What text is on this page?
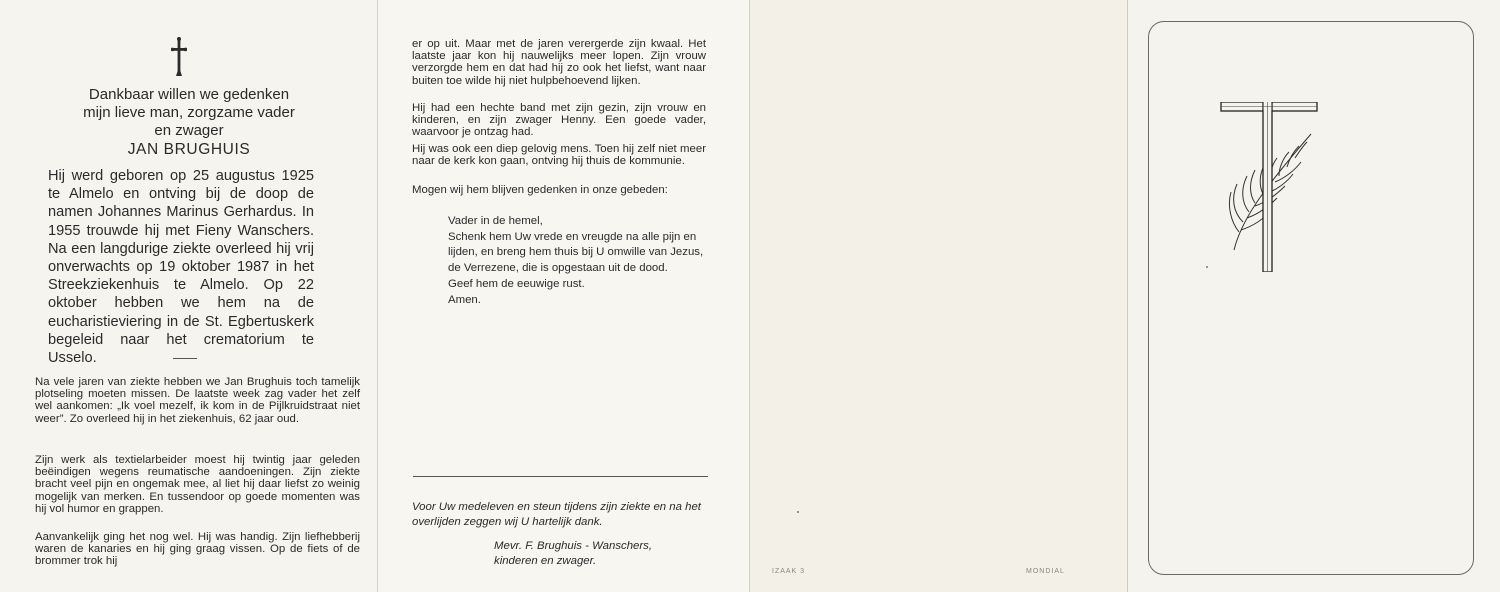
Dankbaar willen we gedenken

mijn lieve man, zorgzame vader

en zwager

JAN BRUGHUIS

Hij werd geboren op 25 augustus 1925 te Almelo en ontving bij de doop de namen Johannes Marinus Gerhardus. In 1955 trouwde hij met Fieny Wanschers. Na een langdurige ziekte overleed hij vrij onverwachts op 19 oktober 1987 in het Streekziekenhuis te Almelo. Op 22 oktober hebben we hem na de eucharistieviering in de St. Egbertuskerk begeleid naar het crematorium te Usselo.

Na vele jaren van ziekte hebben we Jan Brughuis toch tamelijk plotseling moeten missen. De laatste week zag vader het zelf wel aankomen: „Ik voel mezelf, ik kom in de Pijlkruidstraat niet weer”. Zo overleed hij in het ziekenhuis, 62 jaar oud.

Zijn werk als textielarbeider moest hij twintig jaar geleden beëindigen wegens reumatische aandoeningen. Zijn ziekte bracht veel pijn en ongemak mee, al liet hij daar liefst zo weinig mogelijk van merken. En tussendoor op goede momenten was hij vol humor en grappen.

Aanvankelijk ging het nog wel. Hij was handig. Zijn liefhebberij waren de kanaries en hij ging graag vissen. Op de fiets of de brommer trok hij

er op uit. Maar met de jaren verergerde zijn kwaal. Het laatste jaar kon hij nauwelijks meer lopen. Zijn vrouw verzorgde hem en dat had hij zo ook het liefst, want naar buiten toe wilde hij niet hulpbehoevend lijken.

Hij had een hechte band met zijn gezin, zijn vrouw en kinderen, en zijn zwager Henny. Een goede vader, waarvoor je ontzag had.

Hij was ook een diep gelovig mens. Toen hij zelf niet meer naar de kerk kon gaan, ontving hij thuis de kommunie.

Mogen wij hem blijven gedenken in onze gebeden:

Vader in de hemel,

Schenk hem Uw vrede en vreugde na alle pijn en lijden, en breng hem thuis bij U omwille van Jezus, de Verrezene, die is opgestaan uit de dood.

Geef hem de eeuwige rust.

Amen.

Voor Uw medeleven en steun tijdens zijn ziekte en na het overlijden zeggen wij U hartelijk dank.

Mevr. F. Brughuis - Wanschers,

kinderen en zwager.

IZAAK 3	MONDIAL
